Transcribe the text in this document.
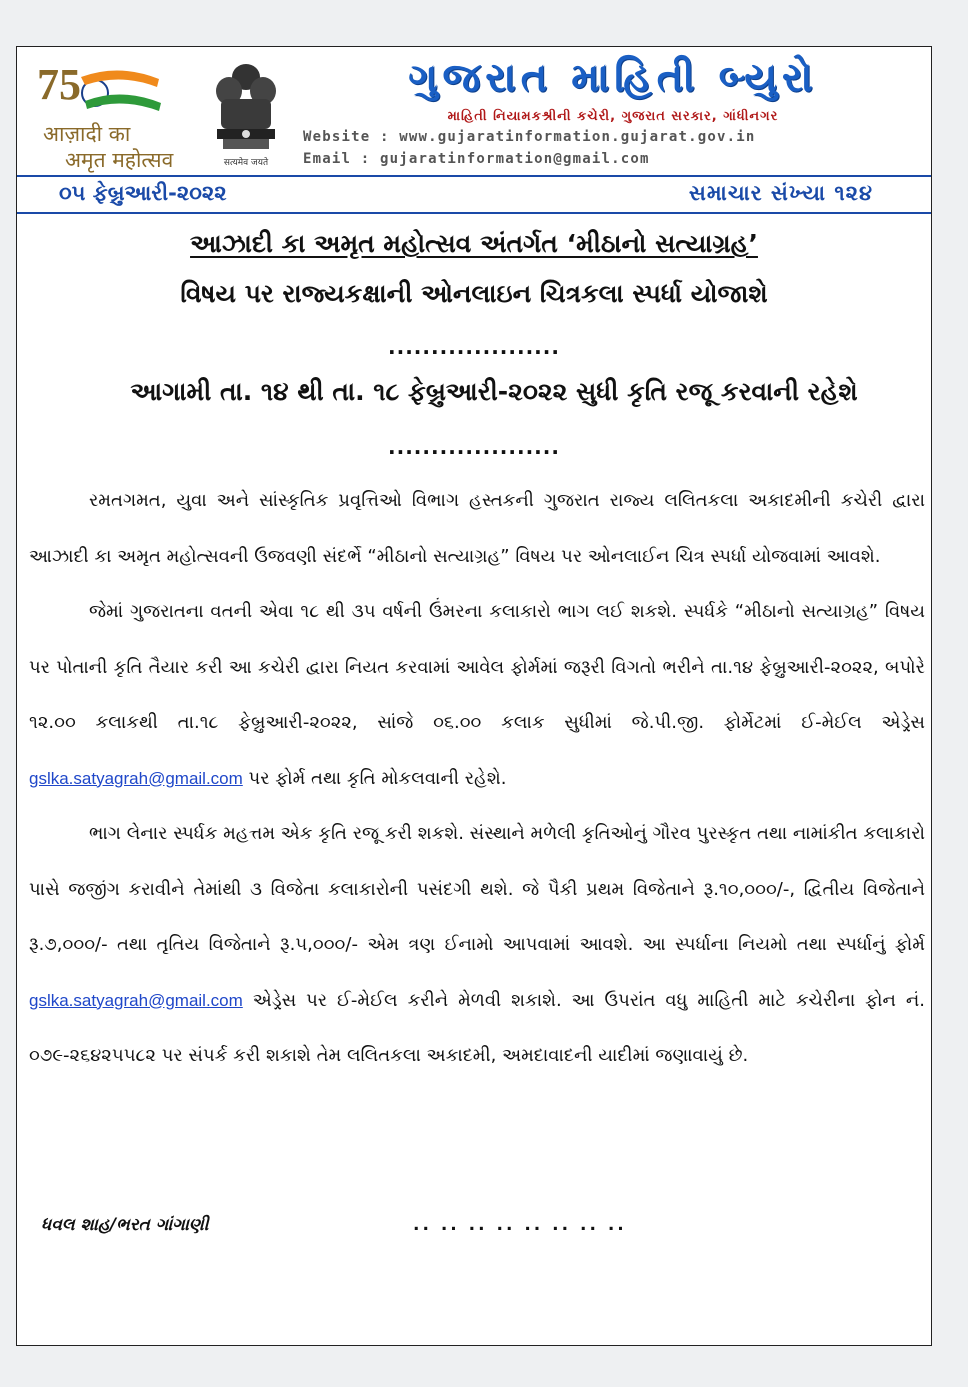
75
आज़ादी का
अमृत महोत्सव	सत्यमेव जयते
ગુજરાત માહિતી બ્યુરો
માહિતી નિયામકશ્રીની કચેરી, ગુજરાત સરકાર, ગાંધીનગર
Website : www.gujaratinformation.gujarat.gov.in
Email : gujaratinformation@gmail.com
૦૫ ફેબ્રુઆરી-૨૦૨૨	સમાચાર સંખ્યા ૧૨૪
આઝાદી કા અમૃત મહોત્સવ અંતર્ગત ‘મીઠાનો સત્યાગ્રહ’
વિષય પર રાજ્યકક્ષાની ઓનલાઇન ચિત્રકલા સ્પર્ધા યોજાશે
....................
આગામી તા. ૧૪ થી તા. ૧૮ ફેબ્રુઆરી-૨૦૨૨ સુધી કૃતિ રજૂ કરવાની રહેશે
....................

રમતગમત, યુવા અને સાંસ્કૃતિક પ્રવૃત્તિઓ વિભાગ હસ્તકની ગુજરાત રાજ્ય લલિતકલા અકાદમીની કચેરી દ્વારા આઝાદી કા અમૃત મહોત્સવની ઉજવણી સંદર્ભે “મીઠાનો સત્યાગ્રહ” વિષય પર ઓનલાઈન ચિત્ર સ્પર્ધા યોજવામાં આવશે.

જેમાં ગુજરાતના વતની એવા ૧૮ થી ૩૫ વર્ષની ઉંમરના કલાકારો ભાગ લઈ શકશે. સ્પર્ધકે “મીઠાનો સત્યાગ્રહ” વિષય પર પોતાની કૃતિ તૈયાર કરી આ કચેરી દ્વારા નિયત કરવામાં આવેલ ફોર્મમાં જરૂરી વિગતો ભરીને તા.૧૪ ફેબ્રુઆરી-૨૦૨૨, બપોરે ૧૨.૦૦ કલાકથી તા.૧૮ ફેબ્રુઆરી-૨૦૨૨, સાંજે ૦૬.૦૦ કલાક સુધીમાં જે.પી.જી. ફોર્મેટમાં ઈ-મેઈલ એડ્રેસ gslka.satyagrah@gmail.com પર ફોર્મ તથા કૃતિ મોકલવાની રહેશે.

ભાગ લેનાર સ્પર્ધક મહત્તમ એક કૃતિ રજૂ કરી શકશે. સંસ્થાને મળેલી કૃતિઓનું ગૌરવ પુરસ્કૃત તથા નામાંકીત કલાકારો પાસે જજીંગ કરાવીને તેમાંથી ૩ વિજેતા કલાકારોની પસંદગી થશે. જે પૈકી પ્રથમ વિજેતાને રૂ.૧૦,૦૦૦/-, દ્વિતીય વિજેતાને રૂ.૭,૦૦૦/- તથા તૃતિય વિજેતાને રૂ.૫,૦૦૦/- એમ ત્રણ ઈનામો આપવામાં આવશે. આ સ્પર્ધાના નિયમો તથા સ્પર્ધાનું ફોર્મ gslka.satyagrah@gmail.com એડ્રેસ પર ઈ-મેઈલ કરીને મેળવી શકાશે. આ ઉપરાંત વધુ માહિતી માટે કચેરીના ફોન નં. ૦૭૯-૨૬૪૨૫૫૮૨ પર સંપર્ક કરી શકાશે તેમ લલિતકલા અકાદમી, અમદાવાદની યાદીમાં જણાવાયું છે.

ધવલ શાહ/ભરત ગાંગાણી	.. .. .. .. .. .. .. ..
